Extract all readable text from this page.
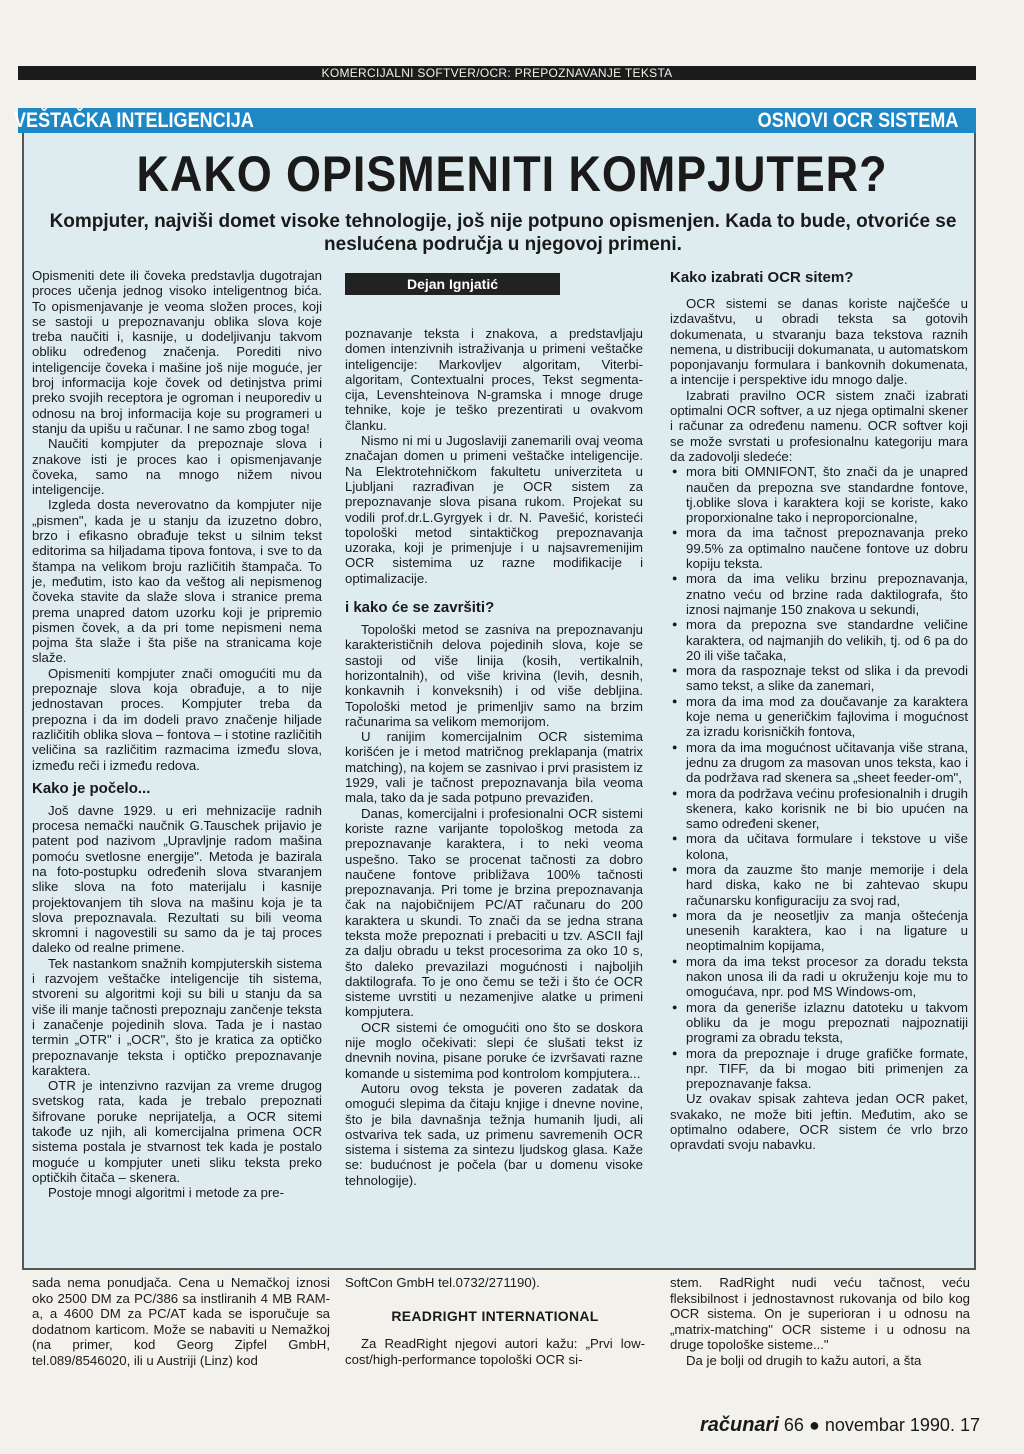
KOMERCIJALNI SOFTVER/OCR: PREPOZNAVANJE TEKSTA
VEŠTAČKA INTELIGENCIJA	OSNOVI OCR SISTEMA
KAKO OPISMENITI KOMPJUTER?
Kompjuter, najviši domet visoke tehnologije, još nije potpuno opismenjen. Kada to bude, otvoriće se neslućena područja u njegovoj primeni.

Opismeniti dete ili čoveka predstavlja dugotrajan proces učenja jednog visoko inteligentnog bića. To opismenjavanje je veoma složen proces, koji se sastoji u prepoznavanju oblika slova koje treba naučiti i, kasnije, u dodeljivanju takvom obliku određenog značenja. Porediti nivo inteligencije čoveka i mašine još nije moguće, jer broj informacija koje čovek od detinjstva primi preko svojih receptora je ogroman i neuporediv u odnosu na broj informacija koje su programeri u stanju da upišu u računar. I ne samo zbog toga!

Naučiti kompjuter da prepoznaje slova i znakove isti je proces kao i opismenjavanje čoveka, samo na mnogo nižem nivou inteligencije.

Izgleda dosta neverovatno da kompjuter nije „pismen", kada je u stanju da izuzetno dobro, brzo i efikasno obrađuje tekst u silnim tekst editorima sa hiljadama tipova fontova, i sve to da štampa na velikom broju različitih štampača. To je, međutim, isto kao da veštog ali nepismenog čoveka stavite da slaže slova i stranice prema prema unapred datom uzorku koji je pripremio pismen čovek, a da pri tome nepismeni nema pojma šta slaže i šta piše na stranicama koje slaže.

Opismeniti kompjuter znači omogućiti mu da prepoznaje slova koja obrađuje, a to nije jednostavan proces. Kompjuter treba da prepozna i da im dodeli pravo značenje hiljade različitih oblika slova – fontova – i stotine različitih veličina sa različitim razmacima između slova, između reči i između redova.

Kako je počelo...

Još davne 1929. u eri mehnizacije radnih procesa nemački naučnik G.Tauschek prijavio je patent pod nazivom „Upravljnje radom mašina pomoću svetlosne energije". Metoda je bazirala na foto-postupku određenih slova stvaranjem slike slova na foto materijalu i kasnije projektovanjem tih slova na mašinu koja je ta slova prepoznavala. Rezultati su bili veoma skromni i nagovestili su samo da je taj proces daleko od realne primene.

Tek nastankom snažnih kompjuterskih sistema i razvojem veštačke inteligencije tih sistema, stvoreni su algoritmi koji su bili u stanju da sa više ili manje tačnosti prepoznaju zančenje teksta i zanačenje pojedinih slova. Tada je i nastao termin „OTR" i „OCR", što je kratica za optičko prepoznavanje teksta i optičko prepoznavanje karaktera.

OTR je intenzivno razvijan za vreme drugog svetskog rata, kada je trebalo prepoznati šifrovane poruke neprijatelja, a OCR sitemi takođe uz njih, ali komercijalna primena OCR sistema postala je stvarnost tek kada je postalo moguće u kompjuter uneti sliku teksta preko optičkih čitača – skenera.

Postoje mnogi algoritmi i metode za pre-

Dejan Ignjatić

poznavanje teksta i znakova, a predstavljaju domen intenzivnih istraživanja u primeni veštačke inteligencije: Markovljev algoritam, Viterbi-algoritam, Contextualni proces, Tekst segmenta- cija, Levenshteinova N-gramska i mnoge druge tehnike, koje je teško prezentirati u ovakvom članku.

Nismo ni mi u Jugoslaviji zanemarili ovaj veoma značajan domen u primeni veštačke inteligencije. Na Elektrotehničkom fakultetu univerziteta u Ljubljani razrađivan je OCR sistem za prepoznavanje slova pisana rukom. Projekat su vodili prof.dr.L.Gyrgyek i dr. N. Pavešić, koristeći topološki metod sintaktičkog prepoznavanja uzoraka, koji je primenjuje i u najsavremenijim OCR sistemima uz razne modifikacije i optimalizacije.

i kako će se završiti?

Topološki metod se zasniva na prepoznavanju karakterističnih delova pojedinih slova, koje se sastoji od više linija (kosih, vertikalnih, horizontalnih), od više krivina (levih, desnih, konkavnih i konveksnih) i od više debljina. Topološki metod je primenljiv samo na brzim računarima sa velikom memorijom.

U ranijim komercijalnim OCR sistemima korišćen je i metod matričnog preklapanja (matrix matching), na kojem se zasnivao i prvi prasistem iz 1929, vali je tačnost prepoznavanja bila veoma mala, tako da je sada potpuno prevaziđen.

Danas, komercijalni i profesionalni OCR sistemi koriste razne varijante topološkog metoda za prepoznavanje karaktera, i to neki veoma uspešno. Tako se procenat tačnosti za dobro naučene fontove približava 100% tačnosti prepoznavanja. Pri tome je brzina prepoznavanja čak na najobičnijem PC/AT računaru do 200 karaktera u skundi. To znači da se jedna strana teksta može prepoznati i prebaciti u tzv. ASCII fajl za dalju obradu u tekst procesorima za oko 10 s, što daleko prevazilazi mogućnosti i najboljih daktilografa. To je ono čemu se teži i što će OCR sisteme uvrstiti u nezamenjive alatke u primeni kompjutera.

OCR sistemi će omogućiti ono što se doskora nije moglo očekivati: slepi će slušati tekst iz dnevnih novina, pisane poruke će izvršavati razne komande u sistemima pod kontrolom kompjutera...

Autoru ovog teksta je poveren zadatak da omogući slepima da čitaju knjige i dnevne novine, što je bila davnašnja težnja humanih ljudi, ali ostvariva tek sada, uz primenu savremenih OCR sistema i sistema za sintezu ljudskog glasa. Kaže se: budućnost je počela (bar u domenu visoke tehnologije).

Kako izabrati OCR sitem?

OCR sistemi se danas koriste najčešće u izdavaštvu, u obradi teksta sa gotovih dokumenata, u stvaranju baza tekstova raznih nemena, u distribuciji dokumanata, u automatskom poponjavanju formulara i bankovnih dokumenata, a intencije i perspektive idu mnogo dalje.

Izabrati pravilno OCR sistem znači izabrati optimalni OCR softver, a uz njega optimalni skener i računar za određenu namenu. OCR softver koji se može svrstati u profesionalnu kategoriju mara da zadovolji sledeće:

● mora biti OMNIFONT, što znači da je unapred naučen da prepozna sve standardne fontove, tj.oblike slova i karaktera koji se koriste, kako proporxionalne tako i neproporcionalne,
● mora da ima tačnost prepoznavanja preko 99.5% za optimalno naučene fontove uz dobru kopiju teksta.
● mora da ima veliku brzinu prepoznavanja, znatno veću od brzine rada daktilografa, što iznosi najmanje 150 znakova u sekundi,
● mora da prepozna sve standardne veličine karaktera, od najmanjih do velikih, tj. od 6 pa do 20 ili više tačaka,
● mora da raspoznaje tekst od slika i da prevodi samo tekst, a slike da zanemari,
● mora da ima mod za doučavanje za karaktera koje nema u generičkim fajlovima i mogućnost za izradu korisničkih fontova,
● mora da ima mogućnost učitavanja više strana, jednu za drugom za masovan unos teksta, kao i da podržava rad skenera sa „sheet feeder-om",
● mora da podržava većinu profesionalnih i drugih skenera, kako korisnik ne bi bio upućen na samo određeni skener,
● mora da učitava formulare i tekstove u više kolona,
● mora da zauzme što manje memorije i dela hard diska, kako ne bi zahtevao skupu računarsku konfiguraciju za svoj rad,
● mora da je neosetljiv za manja oštećenja unesenih karaktera, kao i na ligature u neoptimalnim kopijama,
● mora da ima tekst procesor za doradu teksta nakon unosa ili da radi u okruženju koje mu to omogućava, npr. pod MS Windows-om,
● mora da generiše izlaznu datoteku u takvom obliku da je mogu prepoznati najpoznatiji programi za obradu teksta,
● mora da prepoznaje i druge grafičke formate, npr. TIFF, da bi mogao biti primenjen za prepoznavanje faksa.

Uz ovakav spisak zahteva jedan OCR paket, svakako, ne može biti jeftin. Međutim, ako se optimalno odabere, OCR sistem će vrlo brzo opravdati svoju nabavku.

sada nema ponudjača. Cena u Nemačkoj iznosi oko 2500 DM za PC/386 sa instliranih 4 MB RAM-a, a 4600 DM za PC/AT kada se isporučuje sa dodatnom karticom. Može se nabaviti u Nemažkoj (na primer, kod Georg Zipfel GmbH, tel.089/8546020, ili u Austriji (Linz) kod

SoftCon GmbH tel.0732/271190).

READRIGHT INTERNATIONAL

Za ReadRight njegovi autori kažu: „Prvi low-cost/high-performance topološki OCR si-

stem. RadRight nudi veću tačnost, veću fleksibilnost i jednostavnost rukovanja od bilo kog OCR sistema. On je superioran i u odnosu na „matrix-matching" OCR sisteme i u odnosu na druge topološke sisteme..."

Da je bolji od drugih to kažu autori, a šta

računari 66 ● novembar 1990. 17
